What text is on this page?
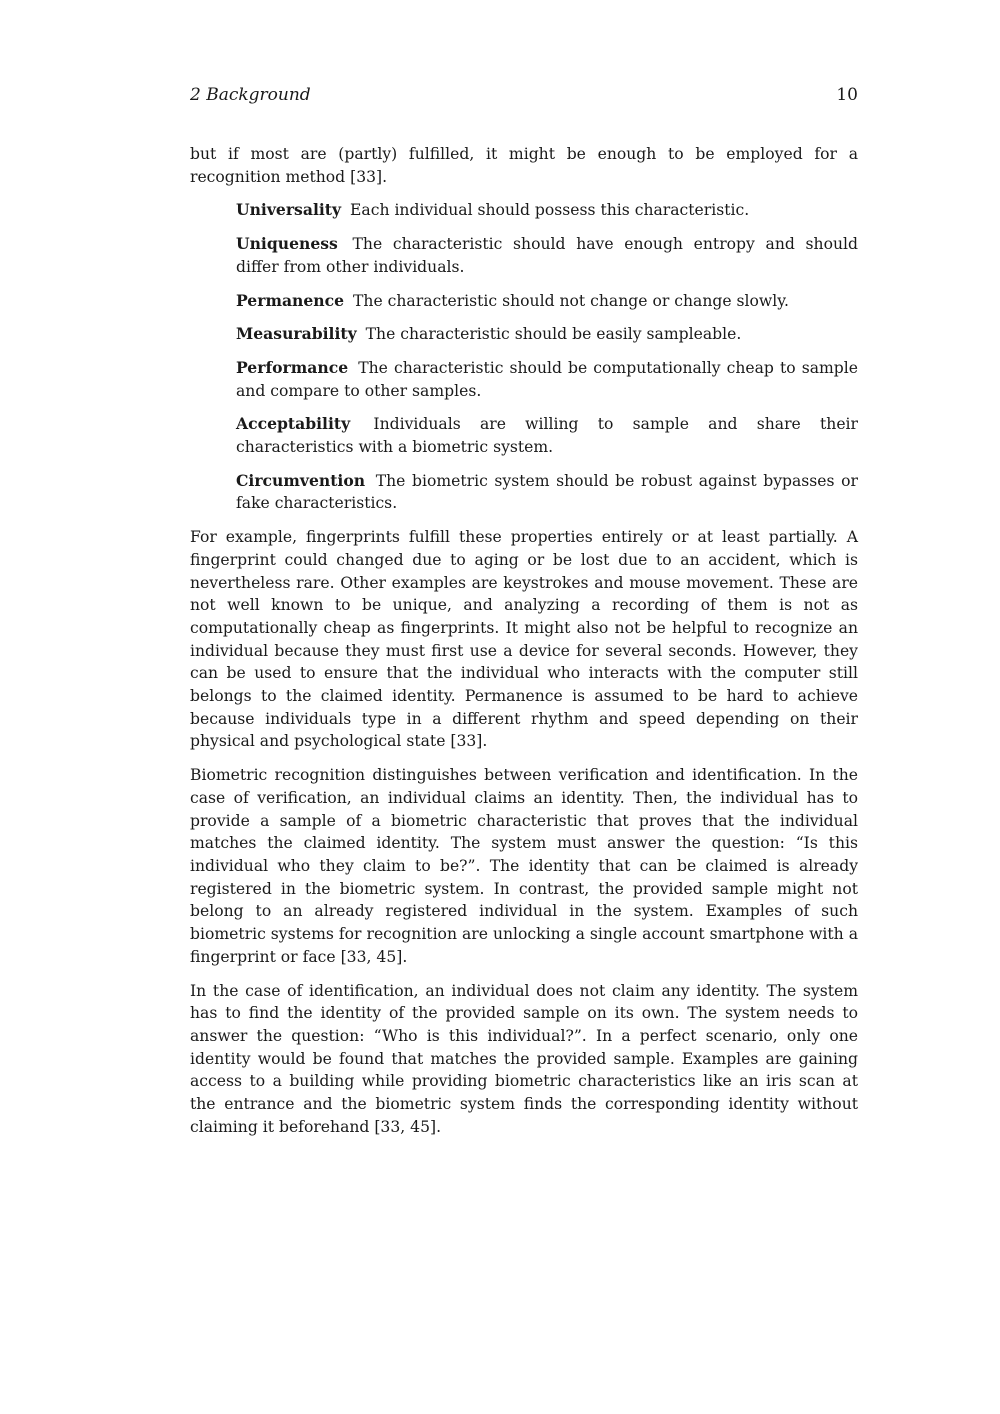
2 Background	10

but if most are (partly) fulfilled, it might be enough to be employed for a recognition method [33].

Universality Each individual should possess this characteristic.
Uniqueness The characteristic should have enough entropy and should differ from other individuals.
Permanence The characteristic should not change or change slowly.
Measurability The characteristic should be easily sampleable.
Performance The characteristic should be computationally cheap to sample and compare to other samples.
Acceptability Individuals are willing to sample and share their characteristics with a biometric system.
Circumvention The biometric system should be robust against bypasses or fake characteristics.

For example, fingerprints fulfill these properties entirely or at least partially. A fingerprint could changed due to aging or be lost due to an accident, which is nevertheless rare. Other examples are keystrokes and mouse movement. These are not well known to be unique, and analyzing a recording of them is not as computationally cheap as fingerprints. It might also not be helpful to recognize an individual because they must first use a device for several seconds. However, they can be used to ensure that the individual who interacts with the computer still belongs to the claimed identity. Permanence is assumed to be hard to achieve because individuals type in a different rhythm and speed depending on their physical and psychological state [33].

Biometric recognition distinguishes between verification and identification. In the case of verification, an individual claims an identity. Then, the individual has to provide a sample of a biometric characteristic that proves that the individual matches the claimed identity. The system must answer the question: “Is this individual who they claim to be?”. The identity that can be claimed is already registered in the biometric system. In contrast, the provided sample might not belong to an already registered individual in the system. Examples of such biometric systems for recognition are unlocking a single account smartphone with a fingerprint or face [33, 45].

In the case of identification, an individual does not claim any identity. The system has to find the identity of the provided sample on its own. The system needs to answer the question: “Who is this individual?”. In a perfect scenario, only one identity would be found that matches the provided sample. Examples are gaining access to a building while providing biometric characteristics like an iris scan at the entrance and the biometric system finds the corresponding identity without claiming it beforehand [33, 45].
